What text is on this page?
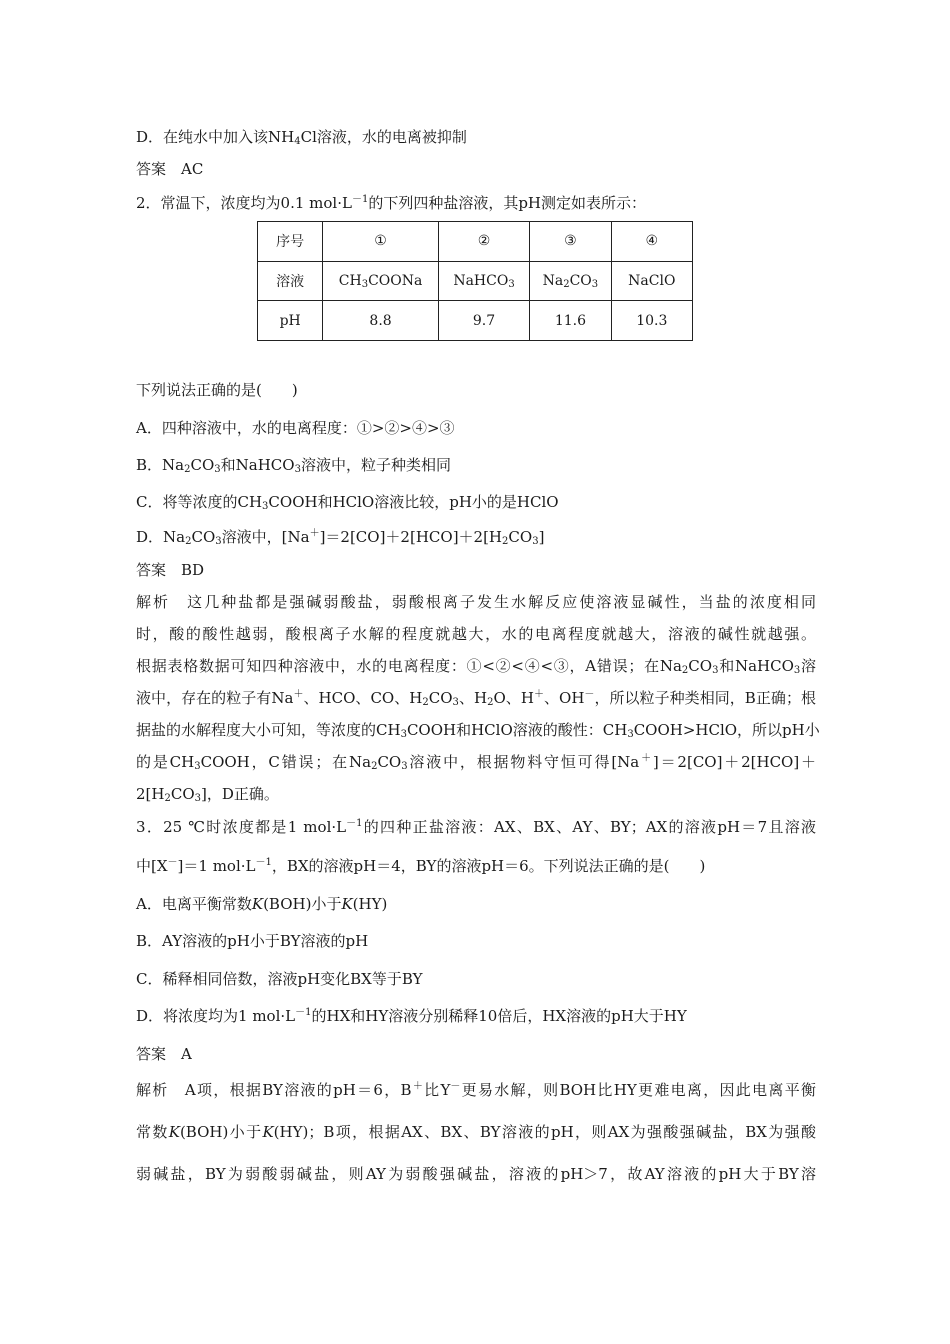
D．在纯水中加入该$NH_4Cl$溶液，水的电离被抑制
答案　AC
2．常温下，浓度均为0.1 $mol\cdot L^{-1}$的下列四种盐溶液，其pH测定如表所示：
序号	①	②	③	④
溶液	$CH_3COONa$	NaHCO$_3$	$Na_2CO_3$	NaClO
pH	8.8	9.7	11.6	10.3
下列说法正确的是(　　)
A．四种溶液中，水的电离程度：①>②>④>③
B．$Na_2CO_3$和NaHCO$_3$溶液中，粒子种类相同
C．将等浓度的$CH_3COOH$和HClO溶液比较，pH小的是HClO
D．$Na_2CO_3$溶液中，$[Na^+]=2[CO]+2[HCO]+2[H_2CO_3]$
答案　BD
解析　这几种盐都是强碱弱酸盐，弱酸根离子发生水解反应使溶液显碱性，当盐的浓度相同
时，酸的酸性越弱，酸根离子水解的程度就越大，水的电离程度就越大，溶液的碱性就越强。
根据表格数据可知四种溶液中，水的电离程度：①<②<④<③，A错误；在$Na_2CO_3$和NaHCO$_3$溶
液中，存在的粒子有Na＋、HCO、CO、$H_2CO_3$、$H_2O$、H＋、OH－，所以粒子种类相同，B正确；根
据盐的水解程度大小可知，等浓度的$CH_3COOH$和HClO溶液的酸性：$CH_3COOH>HClO$，所以pH小
的是$CH_3COOH$，C错误；在$Na_2CO_3$溶液中，根据物料守恒可得[Na＋]＝2[CO]＋2[HCO]＋
$2[H_2CO_3]$，D正确。
3．25 ℃时浓度都是1 $mol\cdot L^{-1}$的四种正盐溶液：AX、BX、AY、BY；AX的溶液pH＝7且溶液
中[X－]＝1 $mol\cdot L^{-1}$，BX的溶液pH＝4，BY的溶液pH＝6。下列说法正确的是(　　)
A．电离平衡常数K(BOH)小于K(HY)
B．AY溶液的pH小于BY溶液的pH
C．稀释相同倍数，溶液pH变化BX等于BY
D．将浓度均为1 $mol\cdot L^{-1}$的HX和HY溶液分别稀释10倍后，HX溶液的pH大于HY
答案　A
解析　A项，根据BY溶液的pH＝6，B＋比Y－更易水解，则BOH比HY更难电离，因此电离平衡
常数K(BOH)小于K(HY)；B项，根据AX、BX、BY溶液的pH，则AX为强酸强碱盐，BX为强酸
弱碱盐，BY为弱酸弱碱盐，则AY为弱酸强碱盐，溶液的pH＞7，故AY溶液的pH大于BY溶
